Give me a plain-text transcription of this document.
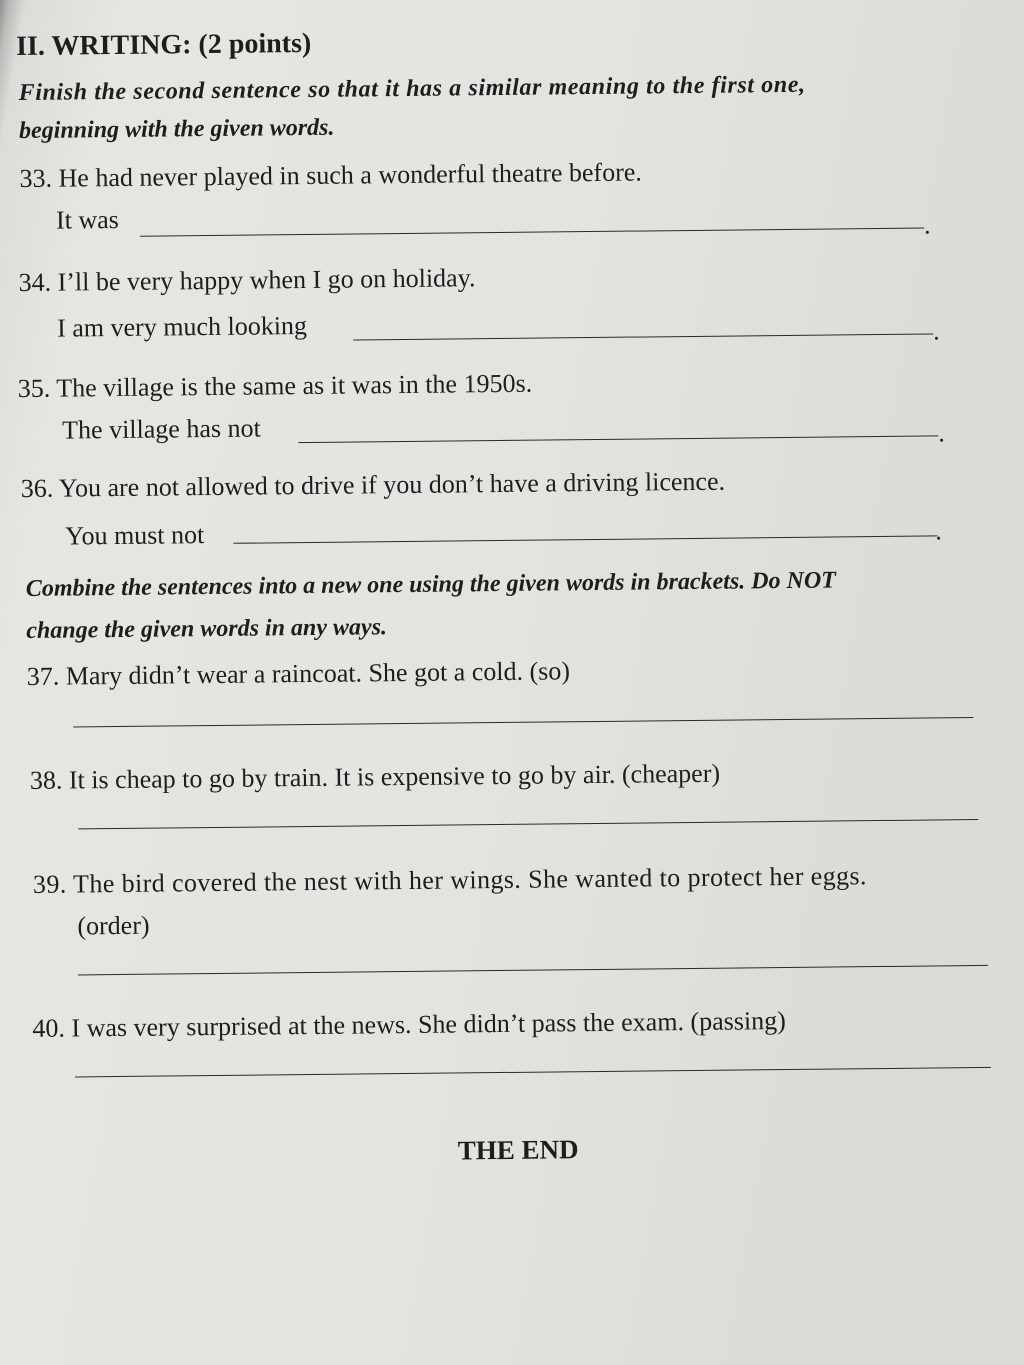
II. WRITING: (2 points)
Finish the second sentence so that it has a similar meaning to the first one,
beginning with the given words.
33. He had never played in such a wonderful theatre before.
It was	.
34. I’ll be very happy when I go on holiday.
I am very much looking	.
35. The village is the same as it was in the 1950s.
The village has not	.
36. You are not allowed to drive if you don’t have a driving licence.
You must not	.
Combine the sentences into a new one using the given words in brackets. Do NOT
change the given words in any ways.
37. Mary didn’t wear a raincoat. She got a cold. (so)
38. It is cheap to go by train. It is expensive to go by air. (cheaper)
39. The bird covered the nest with her wings. She wanted to protect her eggs.
(order)
40. I was very surprised at the news. She didn’t pass the exam. (passing)
THE END
